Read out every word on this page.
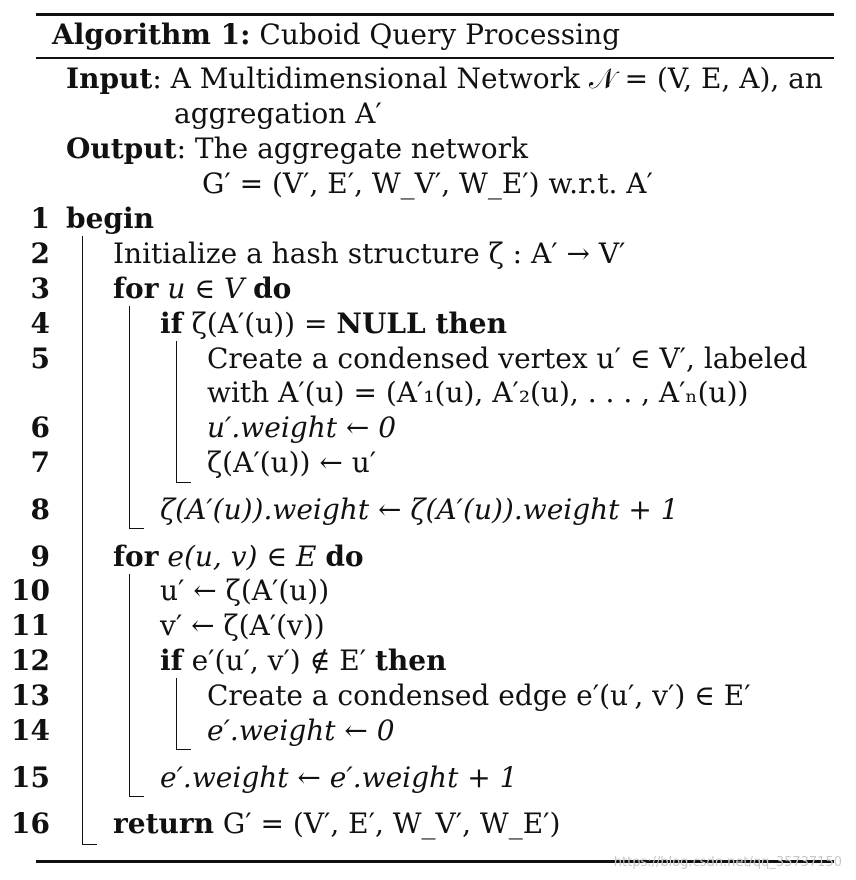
Algorithm 1: Cuboid Query Processing
Input: A Multidimensional Network 𝒩 = (V, E, A), an
aggregation A′
Output: The aggregate network
G′ = (V′, E′, W_V′, W_E′) w.r.t. A′
1
2
3
4
5
6
7
8
9
10
11
12
13
14
15
16
begin
Initialize a hash structure ζ : A′ → V′
for u ∈ V do
if ζ(A′(u)) = NULL then
Create a condensed vertex u′ ∈ V′, labeled
with A′(u) = (A′₁(u), A′₂(u), . . . , A′ₙ(u))
u′.weight ← 0
ζ(A′(u)) ← u′
ζ(A′(u)).weight ← ζ(A′(u)).weight + 1
for e(u, v) ∈ E do
u′ ← ζ(A′(u))
v′ ← ζ(A′(v))
if e′(u′, v′) ∉ E′ then
Create a condensed edge e′(u′, v′) ∈ E′
e′.weight ← 0
e′.weight ← e′.weight + 1
return G′ = (V′, E′, W_V′, W_E′)
https://blog.csdn.net/qq_35737150
